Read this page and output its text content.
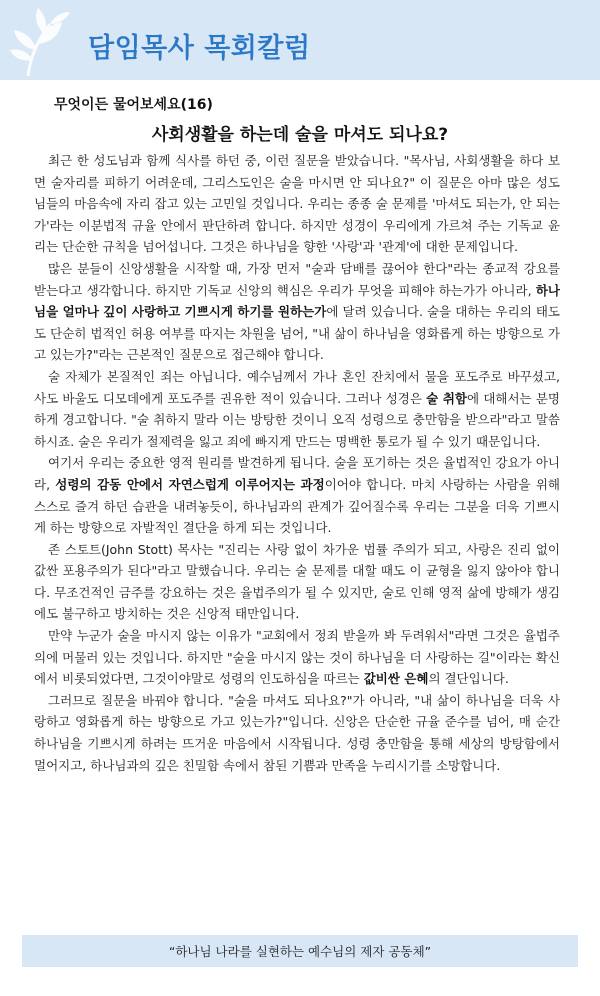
담임목사 목회칼럼
무엇이든 물어보세요(16)
사회생활을 하는데 술을 마셔도 되나요?

최근 한 성도님과 함께 식사를 하던 중, 이런 질문을 받았습니다. "목사님, 사회생활을 하다 보면 술자리를 피하기 어려운데, 그리스도인은 술을 마시면 안 되나요?" 이 질문은 아마 많은 성도님들의 마음속에 자리 잡고 있는 고민일 것입니다. 우리는 종종 술 문제를 '마셔도 되는가, 안 되는가'라는 이분법적 규율 안에서 판단하려 합니다. 하지만 성경이 우리에게 가르쳐 주는 기독교 윤리는 단순한 규칙을 넘어섭니다. 그것은 하나님을 향한 '사랑'과 '관계'에 대한 문제입니다.

많은 분들이 신앙생활을 시작할 때, 가장 먼저 "술과 담배를 끊어야 한다"라는 종교적 강요를 받는다고 생각합니다. 하지만 기독교 신앙의 핵심은 우리가 무엇을 피해야 하는가가 아니라, 하나님을 얼마나 깊이 사랑하고 기쁘시게 하기를 원하는가에 달려 있습니다. 술을 대하는 우리의 태도도 단순히 법적인 허용 여부를 따지는 차원을 넘어, "내 삶이 하나님을 영화롭게 하는 방향으로 가고 있는가?"라는 근본적인 질문으로 접근해야 합니다.

술 자체가 본질적인 죄는 아닙니다. 예수님께서 가나 혼인 잔치에서 물을 포도주로 바꾸셨고, 사도 바울도 디모데에게 포도주를 권유한 적이 있습니다. 그러나 성경은 술 취함에 대해서는 분명하게 경고합니다. "술 취하지 말라 이는 방탕한 것이니 오직 성령으로 충만함을 받으라"라고 말씀하시죠. 술은 우리가 절제력을 잃고 죄에 빠지게 만드는 명백한 통로가 될 수 있기 때문입니다.

여기서 우리는 중요한 영적 원리를 발견하게 됩니다. 술을 포기하는 것은 율법적인 강요가 아니라, 성령의 감동 안에서 자연스럽게 이루어지는 과정이어야 합니다. 마치 사랑하는 사람을 위해 스스로 즐겨 하던 습관을 내려놓듯이, 하나님과의 관계가 깊어질수록 우리는 그분을 더욱 기쁘시게 하는 방향으로 자발적인 결단을 하게 되는 것입니다.

존 스토트(John Stott) 목사는 "진리는 사랑 없이 차가운 법률 주의가 되고, 사랑은 진리 없이 값싼 포용주의가 된다"라고 말했습니다. 우리는 술 문제를 대할 때도 이 균형을 잃지 않아야 합니다. 무조건적인 금주를 강요하는 것은 율법주의가 될 수 있지만, 술로 인해 영적 삶에 방해가 생김에도 불구하고 방치하는 것은 신앙적 태만입니다.

만약 누군가 술을 마시지 않는 이유가 "교회에서 정죄 받을까 봐 두려워서"라면 그것은 율법주의에 머물러 있는 것입니다. 하지만 "술을 마시지 않는 것이 하나님을 더 사랑하는 길"이라는 확신에서 비롯되었다면, 그것이야말로 성령의 인도하심을 따르는 값비싼 은혜의 결단입니다.

그러므로 질문을 바꿔야 합니다. "술을 마셔도 되나요?"가 아니라, "내 삶이 하나님을 더욱 사랑하고 영화롭게 하는 방향으로 가고 있는가?"입니다. 신앙은 단순한 규율 준수를 넘어, 매 순간 하나님을 기쁘시게 하려는 뜨거운 마음에서 시작됩니다. 성령 충만함을 통해 세상의 방탕함에서 멀어지고, 하나님과의 깊은 친밀함 속에서 참된 기쁨과 만족을 누리시기를 소망합니다.

“하나님 나라를 실현하는 예수님의 제자 공동체”
